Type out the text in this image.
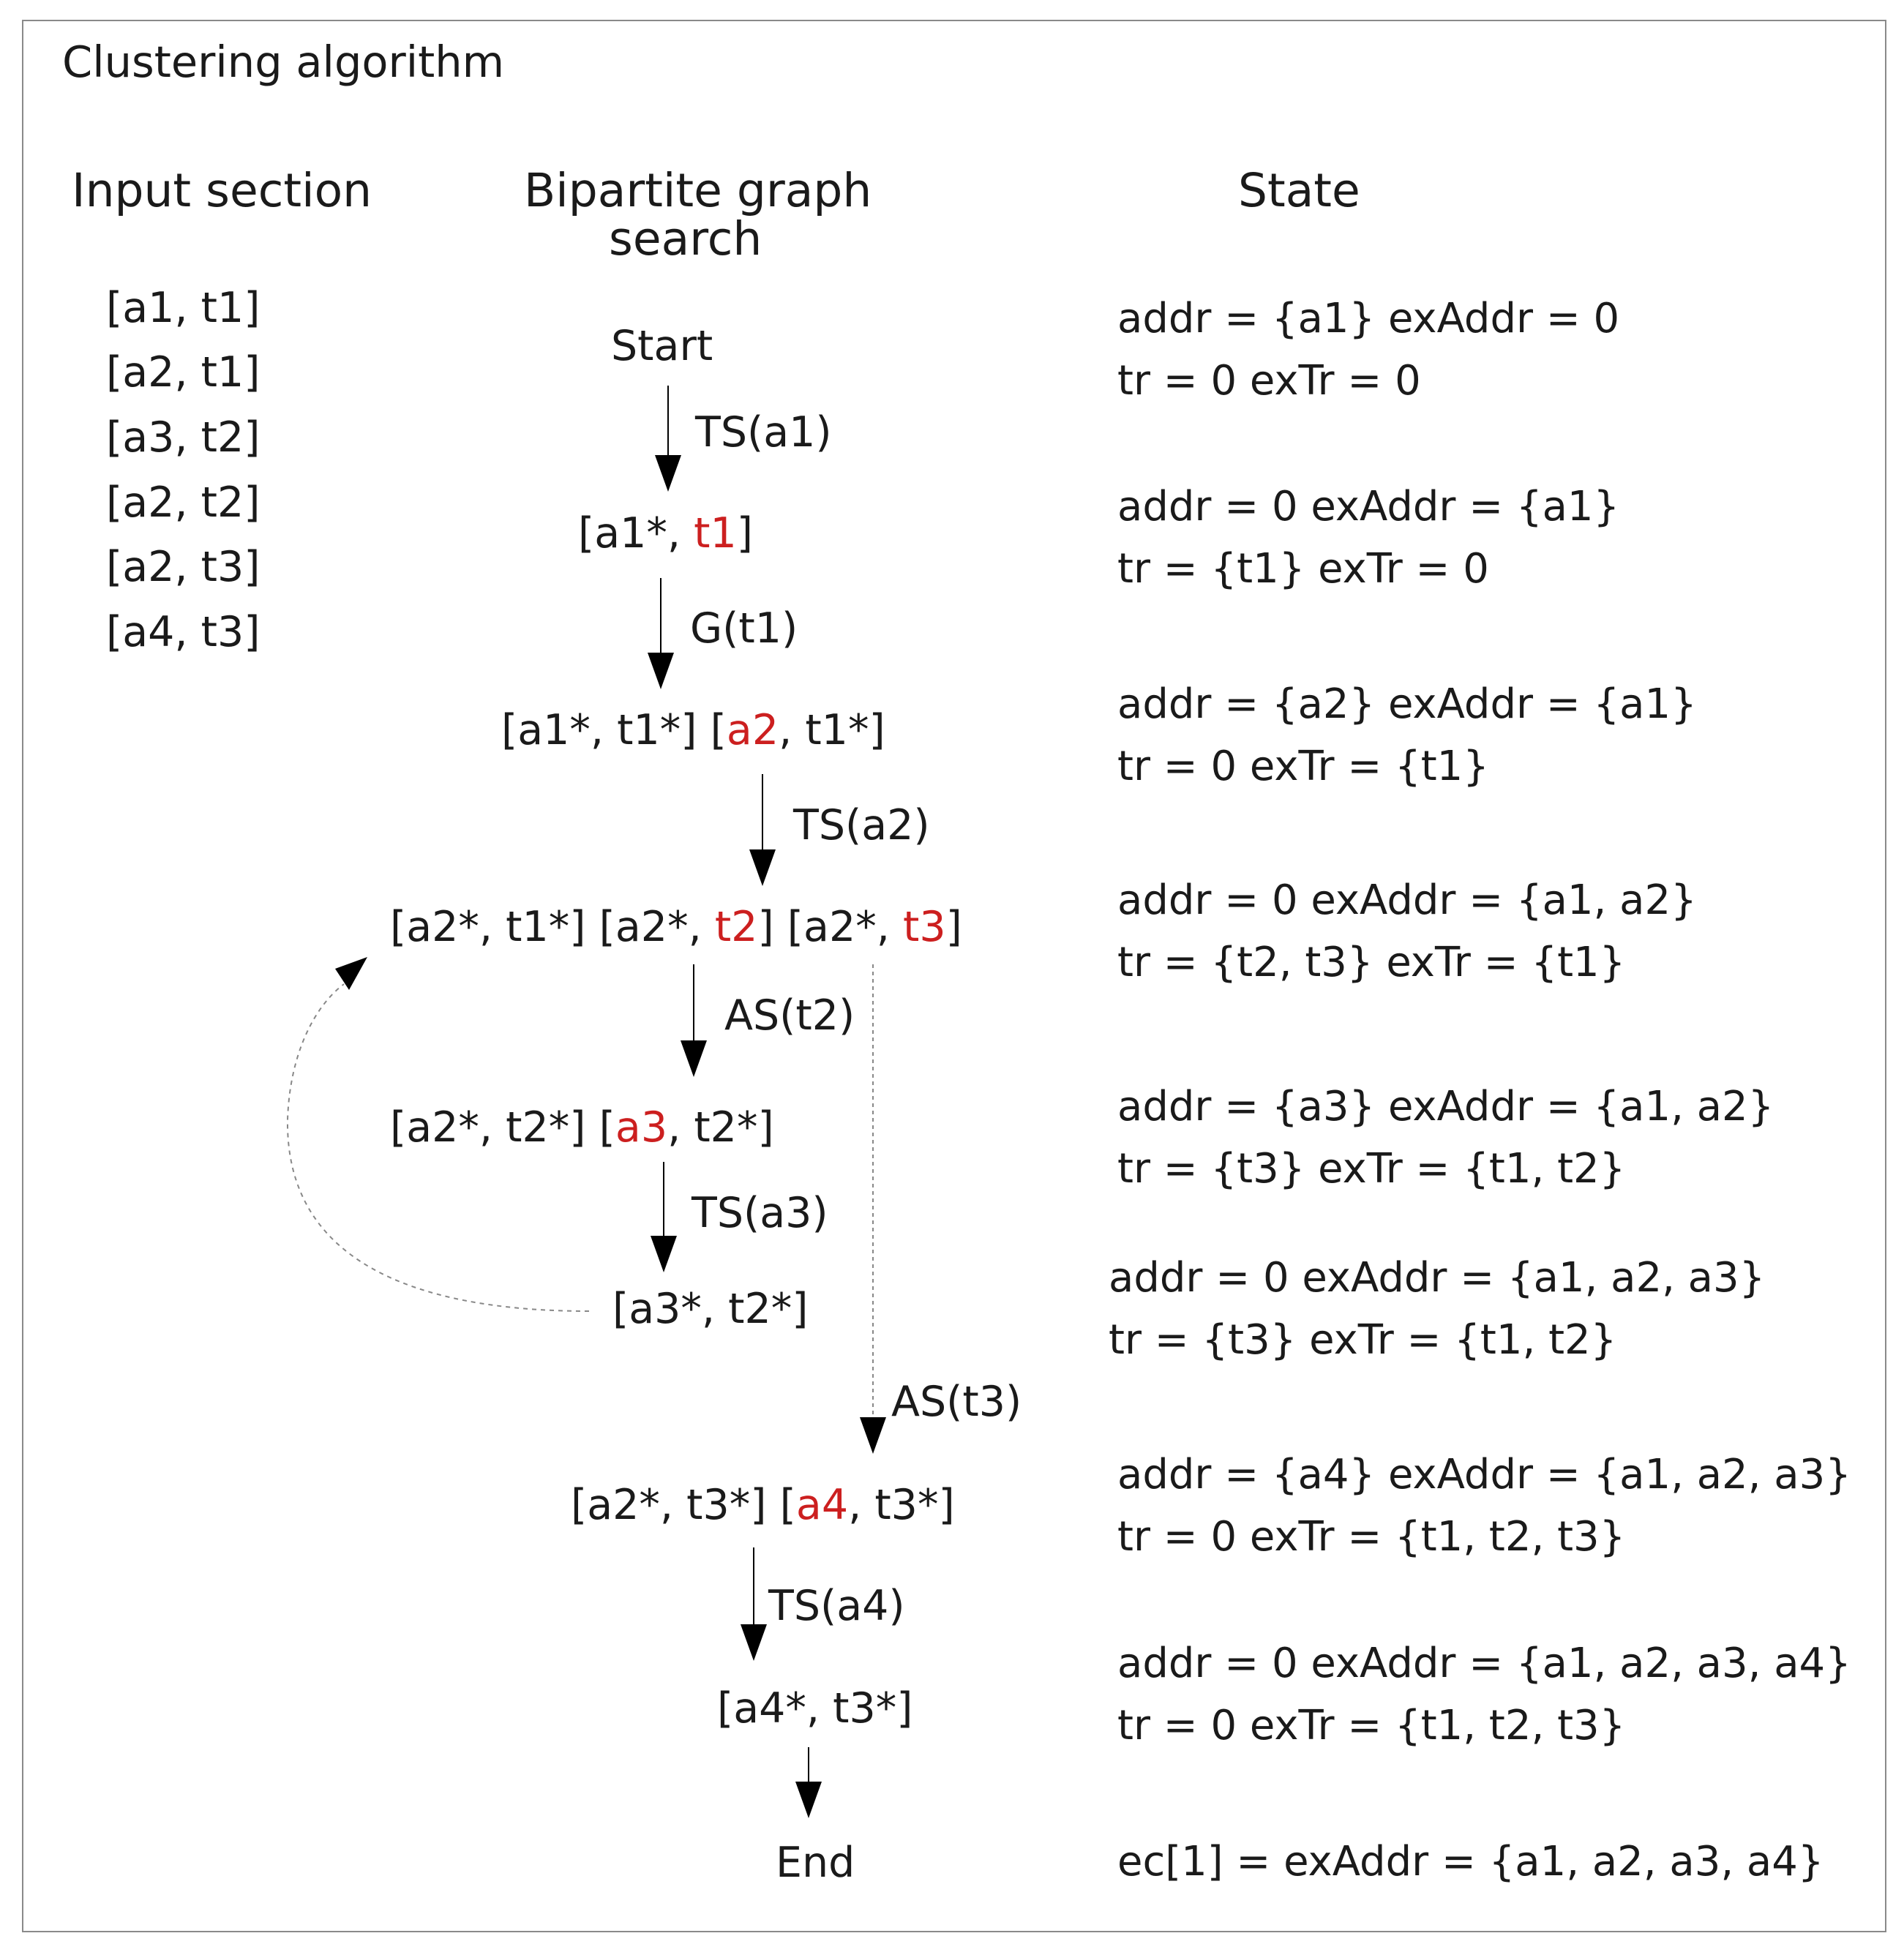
Clustering algorithm
Input section	Bipartite graph
search
State
[a1, t1]
[a2, t1]
[a3, t2]
[a2, t2]
[a2, t3]
[a4, t3]
Start
[a1*, t1]
[a1*, t1*] [a2, t1*]
[a2*, t1*] [a2*, t2] [a2*, t3]
[a2*, t2*] [a3, t2*]
[a3*, t2*]
[a2*, t3*] [a4, t3*]
[a4*, t3*]
End
TS(a1)
G(t1)
TS(a2)
AS(t2)
TS(a3)
AS(t3)
TS(a4)
addr = {a1} exAddr = 0
tr = 0 exTr = 0
addr = 0 exAddr = {a1}
tr = {t1} exTr = 0
addr = {a2} exAddr = {a1}
tr = 0 exTr = {t1}
addr = 0 exAddr = {a1, a2}
tr = {t2, t3} exTr = {t1}
addr = {a3} exAddr = {a1, a2}
tr = {t3} exTr = {t1, t2}
addr = 0 exAddr = {a1, a2, a3}
tr = {t3} exTr = {t1, t2}
addr = {a4} exAddr = {a1, a2, a3}
tr = 0 exTr = {t1, t2, t3}
addr = 0 exAddr = {a1, a2, a3, a4}
tr = 0 exTr = {t1, t2, t3}
ec[1] = exAddr = {a1, a2, a3, a4}
